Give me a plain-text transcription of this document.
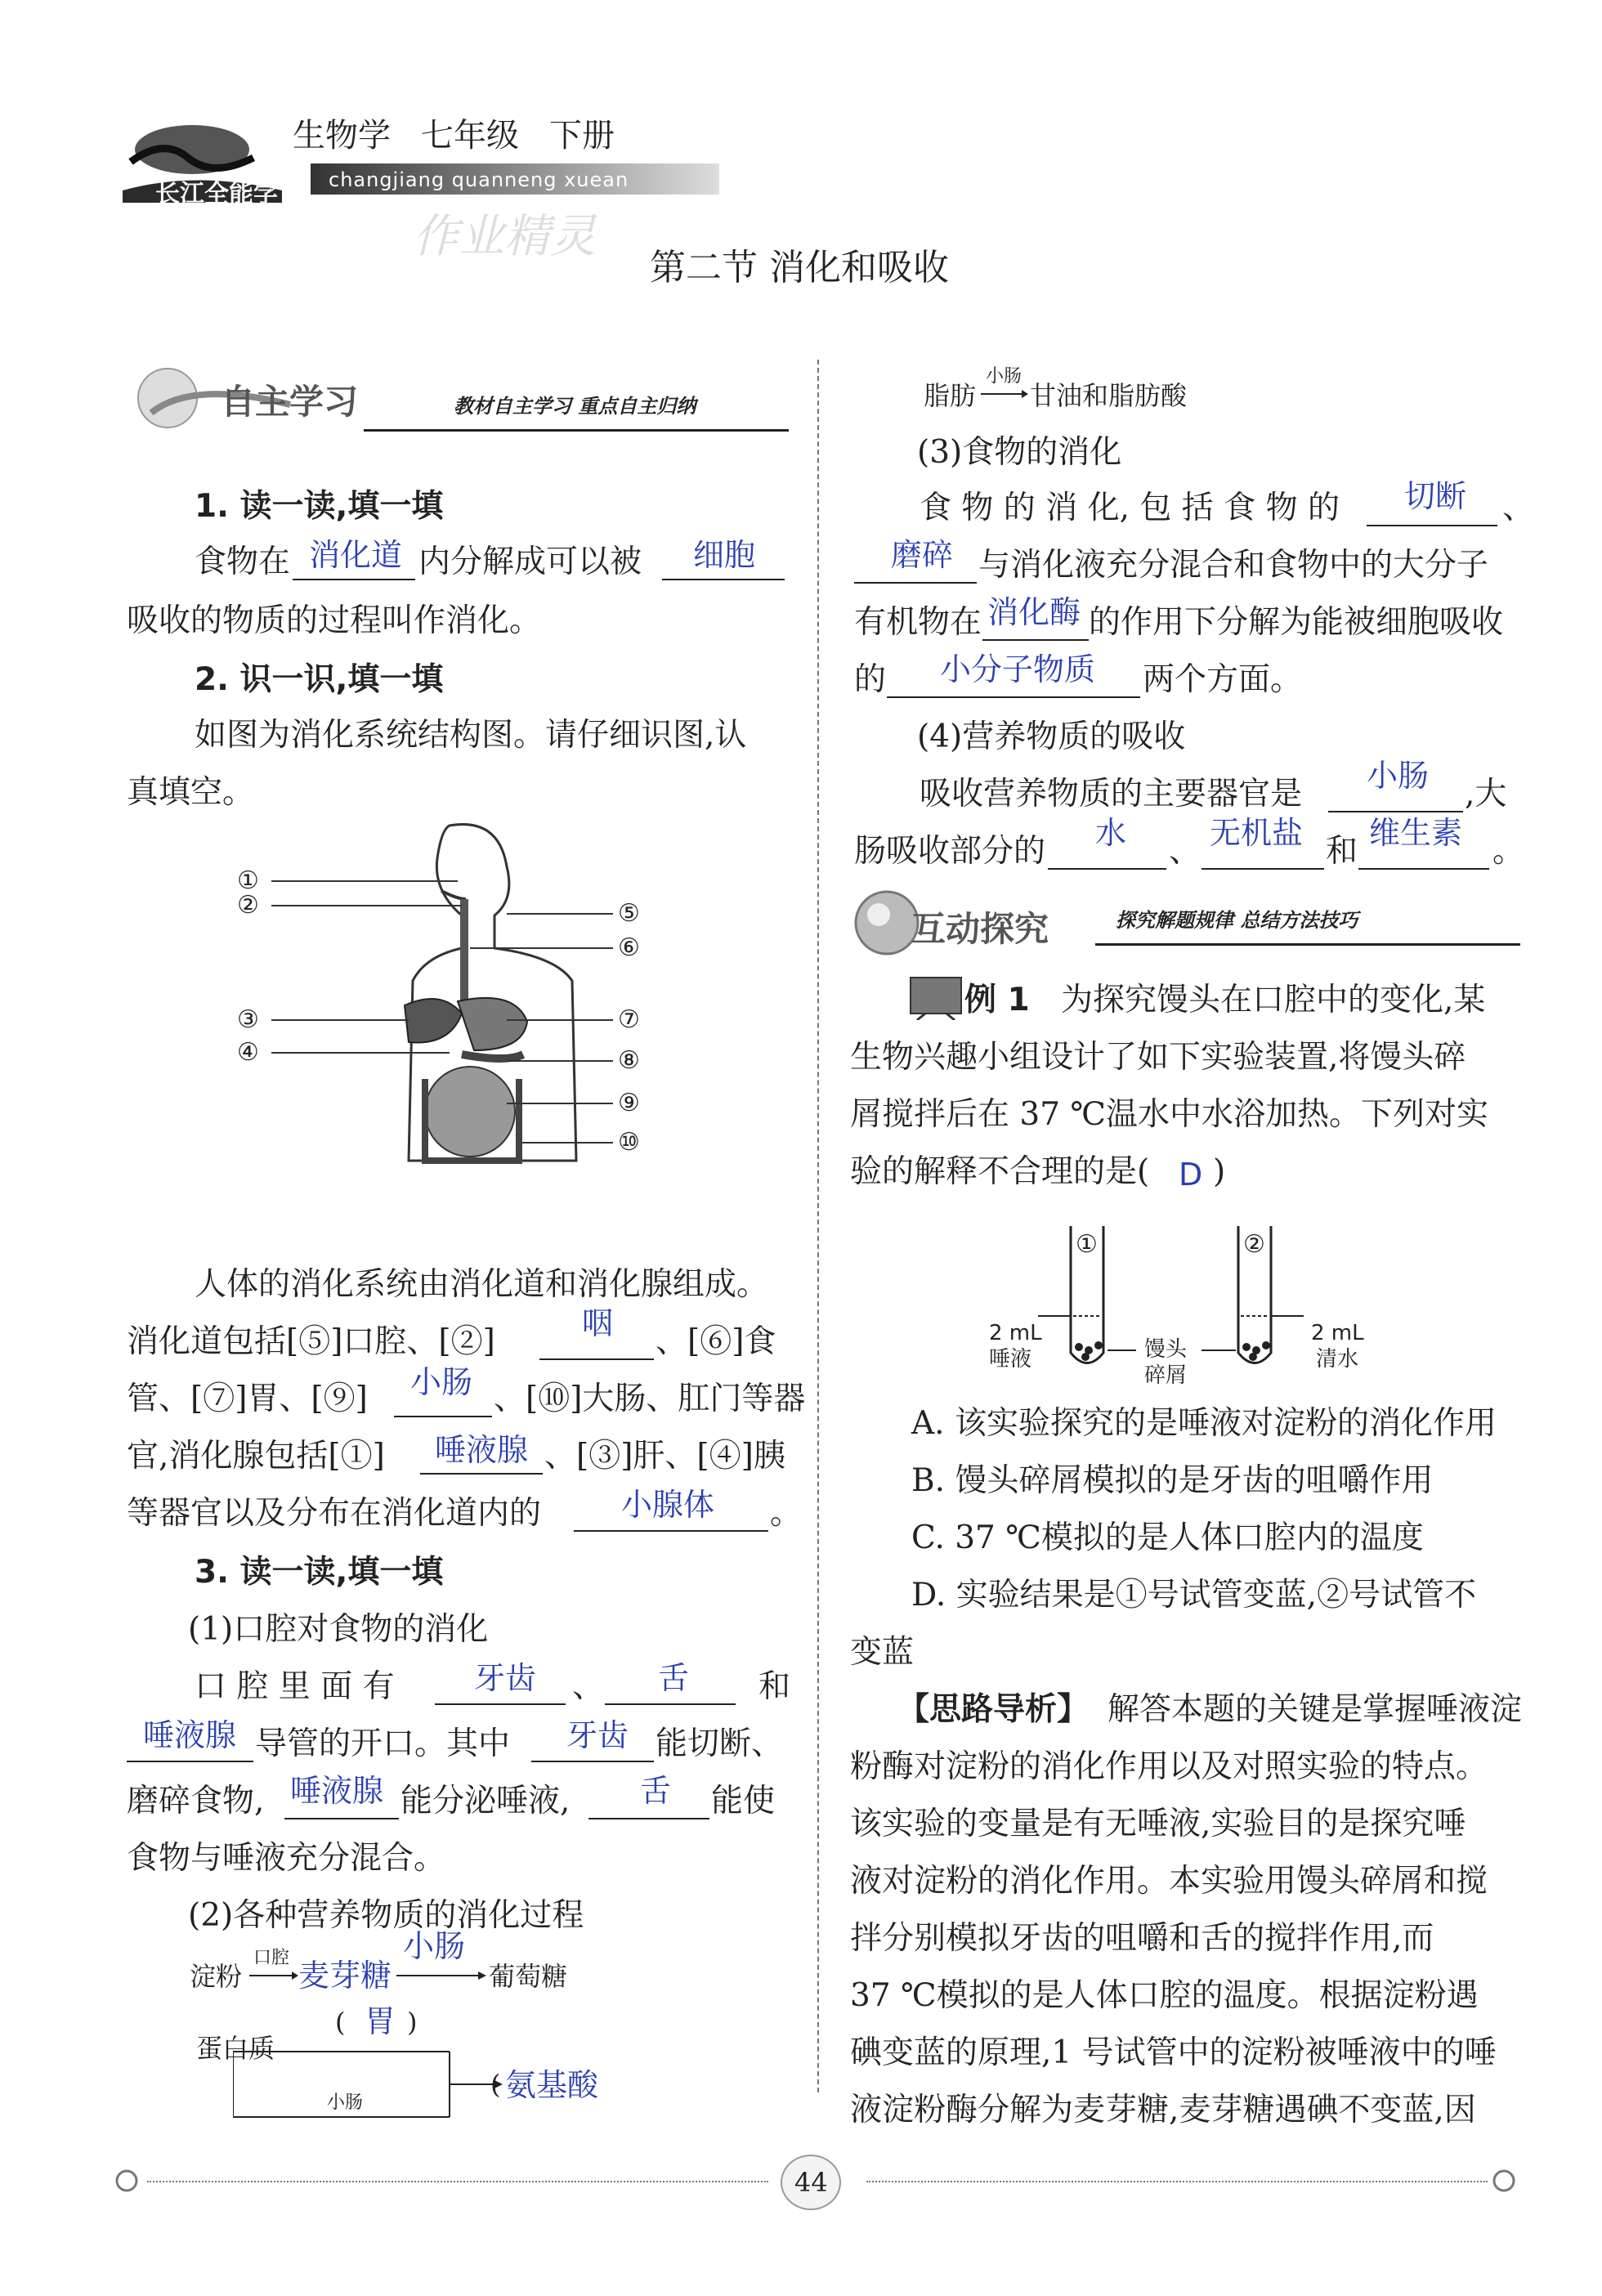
长江全能学案
生物学 七年级 下册
changjiang quanneng xuean
作业精灵
第二节 消化和吸收
自主学习	教材自主学习 重点自主归纳
1. 读一读,填一填
食物在 消化道 内分解成可以被 细胞
吸收的物质的过程叫作消化。
2. 识一识,填一填
如图为消化系统结构图。请仔细识图,认
真填空。
①
②
③
④
⑤
⑥
⑦
⑧
⑨
⑩
人体的消化系统由消化道和消化腺组成。
消化道包括[⑤]口腔、[②]	咽 、[⑥]食
管、[⑦]胃、[⑨] 小肠 、[⑩]大肠、肛门等器
官,消化腺包括[①] 唾液腺 、[③]肝、[④]胰
等器官以及分布在消化道内的	小腺体 。
3. 读一读,填一填
(1)口腔对食物的消化
口 腔 里 面 有	牙齿 、 舌 和
唾液腺 导管的开口。其中 牙齿 能切断、
磨碎食物, 唾液腺 能分泌唾液, 舌 能使
食物与唾液充分混合。
(2)各种营养物质的消化过程
淀粉
口腔 麦芽糖
小肠
葡萄糖
蛋白质
( 胃 )
小肠
( 氨基酸
脂肪
小肠
甘油和脂肪酸
(3)食物的消化
食 物 的 消 化, 包 括 食 物 的 切断 、
磨碎 与消化液充分混合和食物中的大分子
有机物在 消化酶 的作用下分解为能被细胞吸收
的 小分子物质 两个方面。
(4)营养物质的吸收
吸收营养物质的主要器官是 小肠 ,大
肠吸收部分的 水 、 无机盐 和 维生素 。
互动探究	探究解题规律 总结方法技巧
例 1 为探究馒头在口腔中的变化,某
生物兴趣小组设计了如下实验装置,将馒头碎
屑搅拌后在 37 ℃温水中水浴加热。下列对实
验的解释不合理的是( D )
①	②
2 mL
唾液	馒头
碎屑
2 mL
清水
A. 该实验探究的是唾液对淀粉的消化作用
B. 馒头碎屑模拟的是牙齿的咀嚼作用
C. 37 ℃模拟的是人体口腔内的温度
D. 实验结果是①号试管变蓝,②号试管不
变蓝
【思路导析】 解答本题的关键是掌握唾液淀
粉酶对淀粉的消化作用以及对照实验的特点。
该实验的变量是有无唾液,实验目的是探究唾
液对淀粉的消化作用。本实验用馒头碎屑和搅
拌分别模拟牙齿的咀嚼和舌的搅拌作用,而
37 ℃模拟的是人体口腔的温度。根据淀粉遇
碘变蓝的原理,1 号试管中的淀粉被唾液中的唾
液淀粉酶分解为麦芽糖,麦芽糖遇碘不变蓝,因
44
